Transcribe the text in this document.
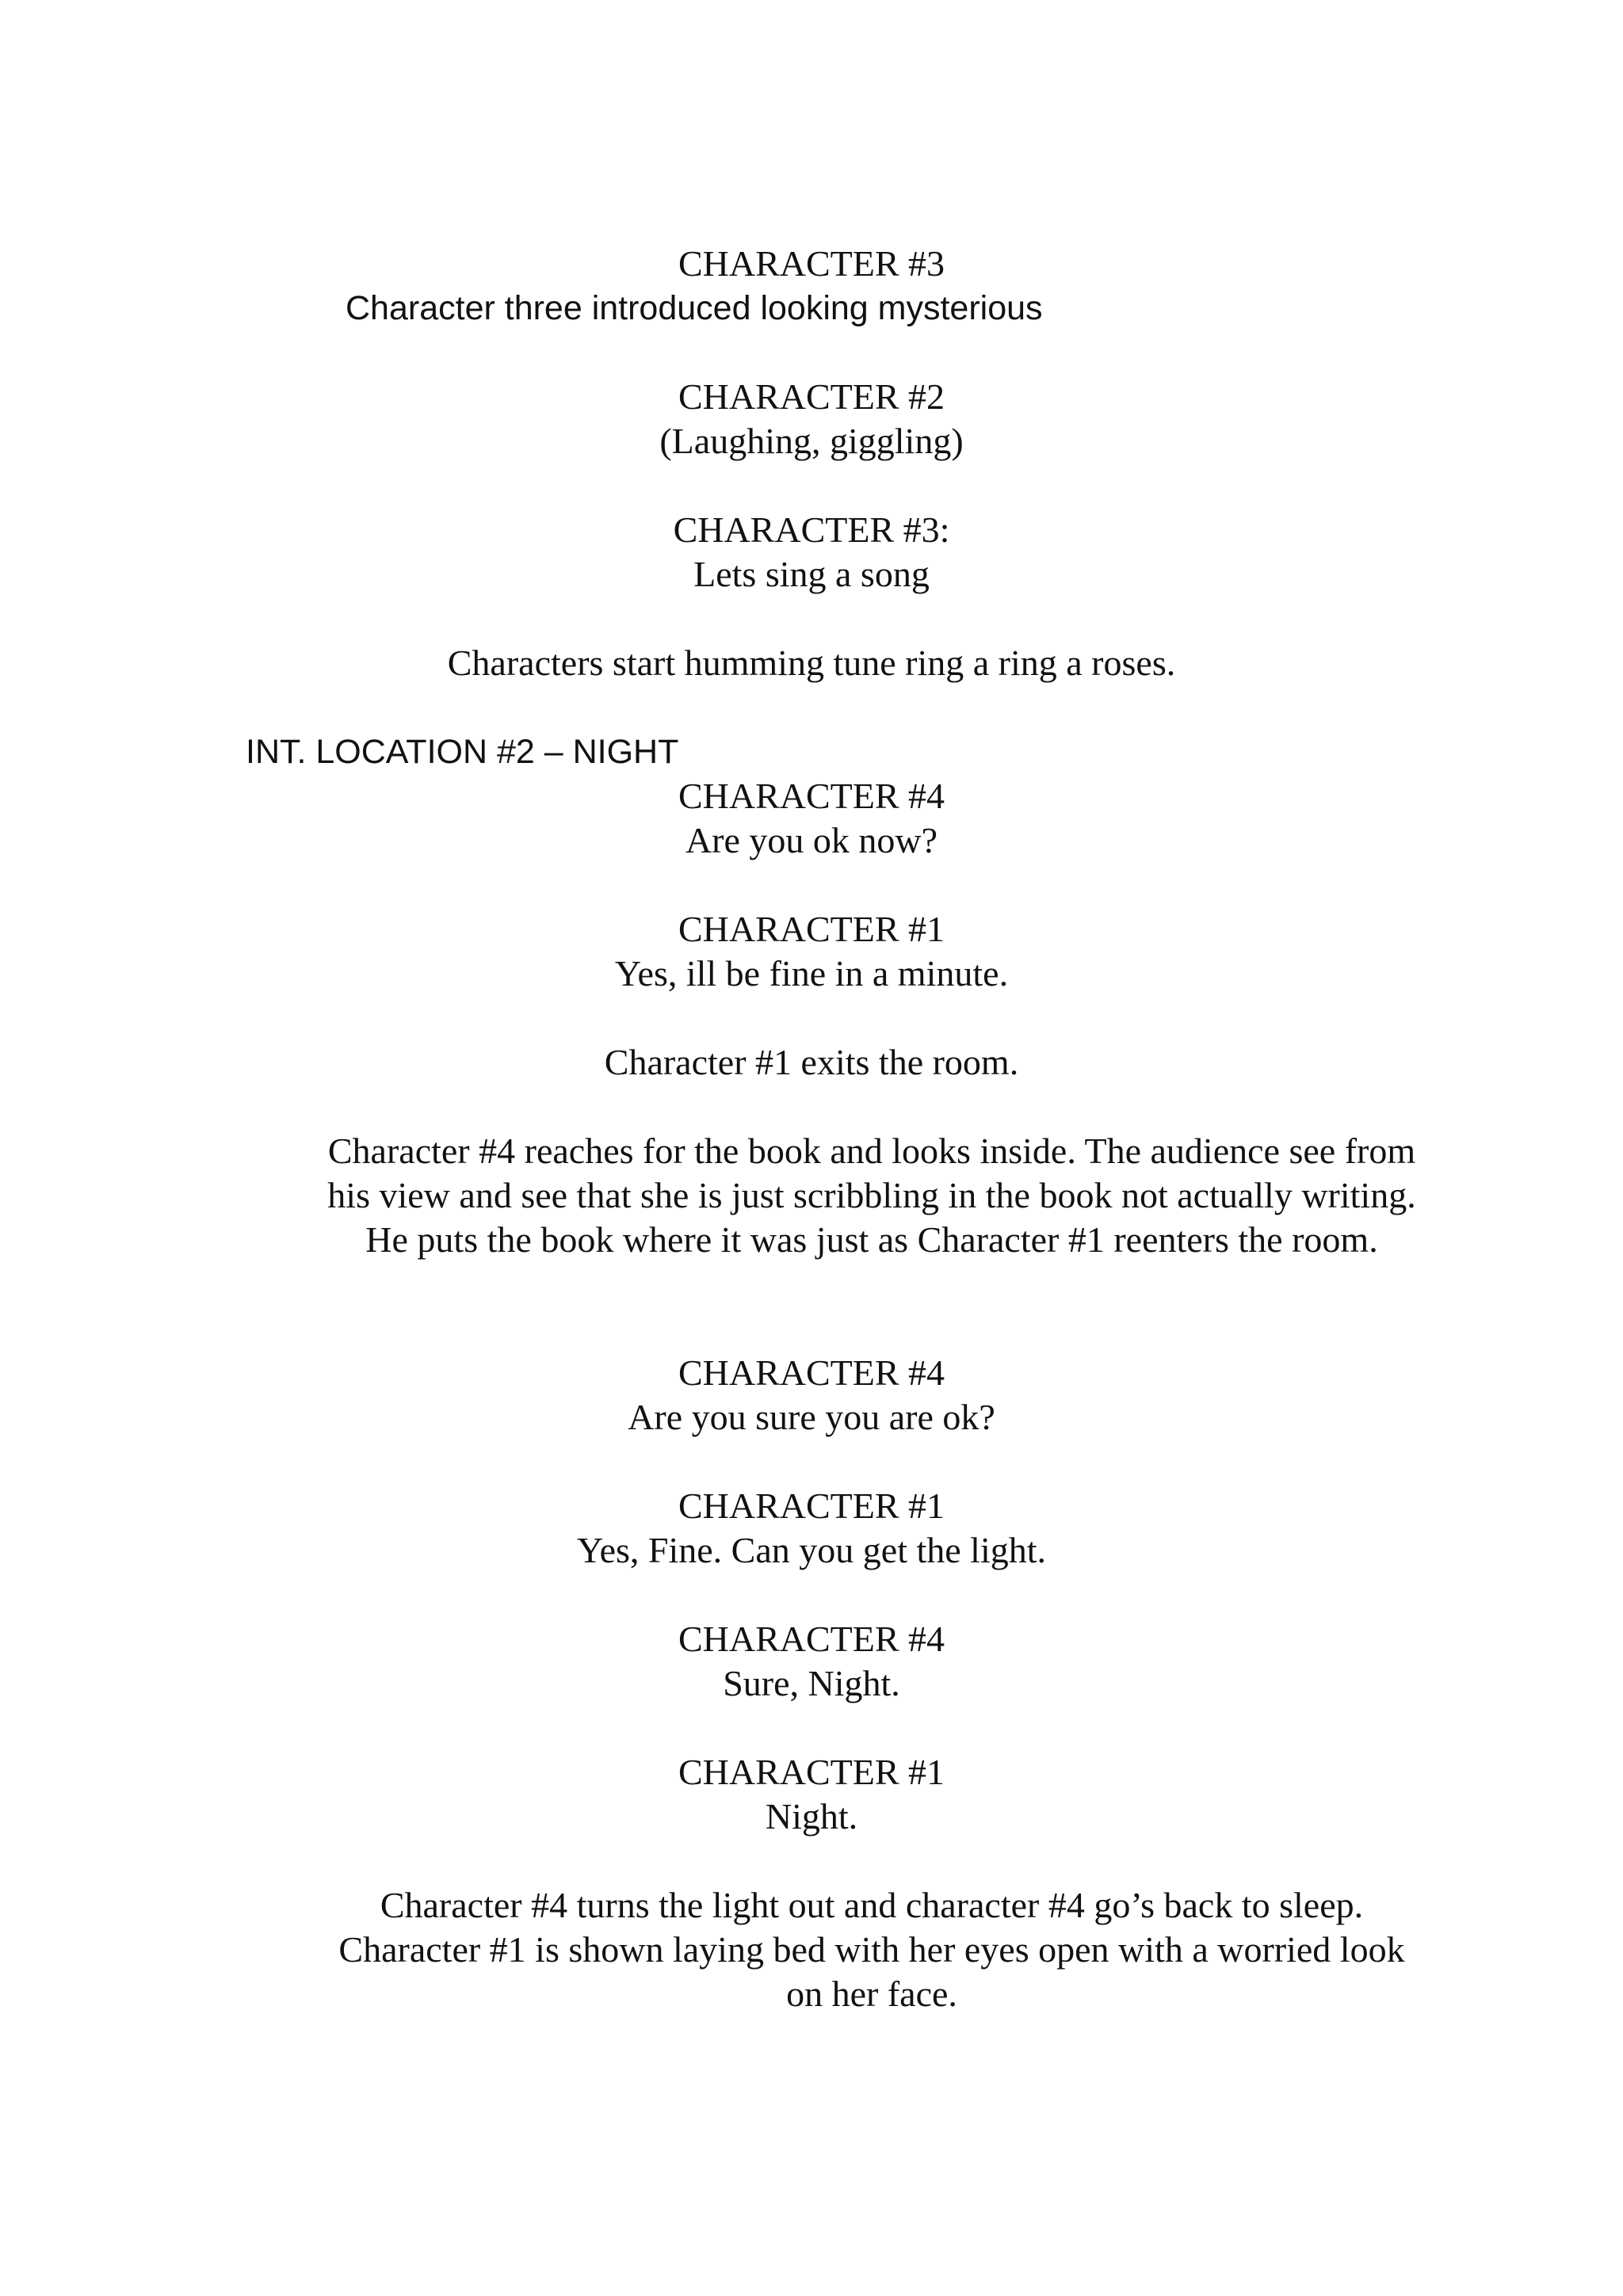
CHARACTER #3

Character three introduced looking mysterious

CHARACTER #2

(Laughing, giggling)

CHARACTER #3:

Lets sing a song

Characters start humming tune ring a ring a roses.

INT. LOCATION #2 – NIGHT

CHARACTER #4

Are you ok now?

CHARACTER #1

Yes, ill be fine in a minute.

Character #1 exits the room.

Character #4 reaches for the book and looks inside. The audience see from his view and see that she is just scribbling in the book not actually writing. He puts the book where it was just as Character #1 reenters the room.

CHARACTER #4

Are you sure you are ok?

CHARACTER #1

Yes, Fine. Can you get the light.

CHARACTER #4

Sure, Night.

CHARACTER #1

Night.

Character #4 turns the light out and character #4 go’s back to sleep. Character #1 is shown laying bed with her eyes open with a worried look on her face.
